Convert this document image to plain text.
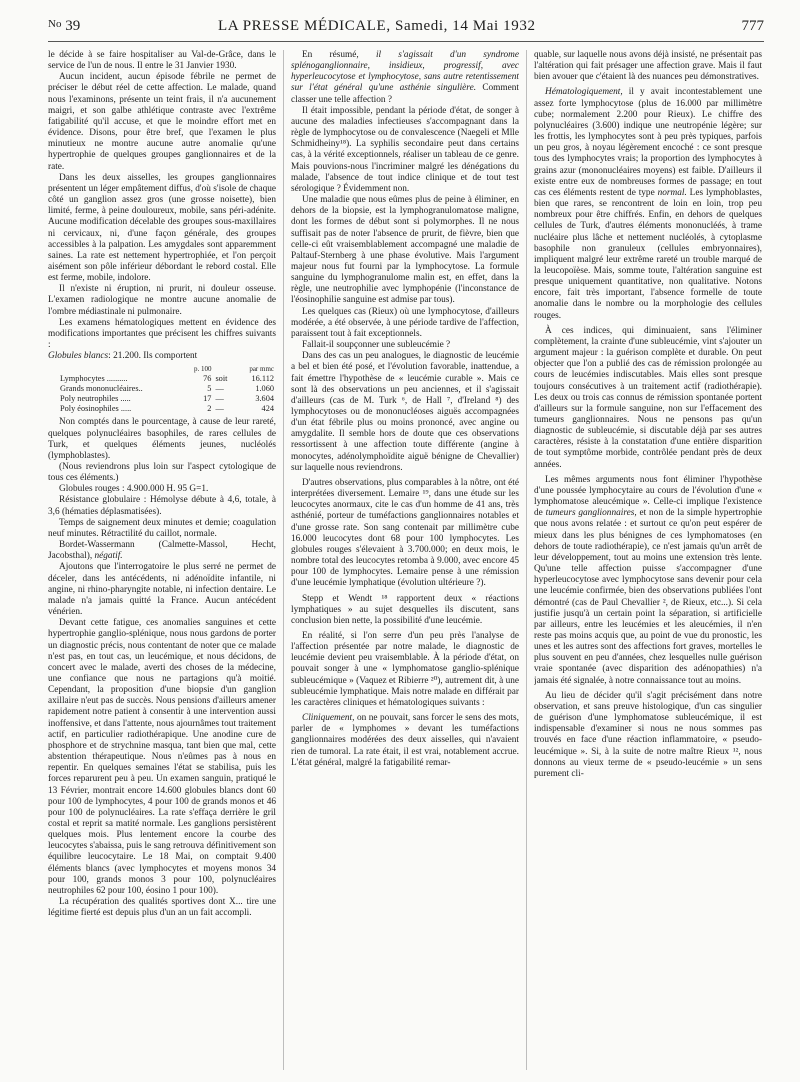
$^{No}$ 39	LA PRESSE MÉDICALE, Samedi, 14 Mai 1932	777

le décide à se faire hospitaliser au Val-de-Grâce, dans le service de l'un de nous. Il entre le 31 Janvier 1930.

Aucun incident, aucun épisode fébrile ne permet de préciser le début réel de cette affection. Le malade, quand nous l'examinons, présente un teint frais, il n'a aucunement maigri, et son galbe athlétique contraste avec l'extrême fatigabilité qu'il accuse, et que le moindre effort met en évidence. Disons, pour être bref, que l'examen le plus minutieux ne montre aucune autre anomalie qu'une hypertrophie de quelques groupes ganglionnaires et de la rate.

Dans les deux aisselles, les groupes ganglionnaires présentent un léger empâtement diffus, d'où s'isole de chaque côté un ganglion assez gros (une grosse noisette), bien limité, ferme, à peine douloureux, mobile, sans péri-adénite. Aucune modification décelable des groupes sous-maxillaires ni cervicaux, ni, d'une façon générale, des groupes accessibles à la palpation. Les amygdales sont apparemment saines. La rate est nettement hypertrophiée, et l'on perçoit aisément son pôle inférieur débordant le rebord costal. Elle est ferme, mobile, indolore.

Il n'existe ni éruption, ni prurit, ni douleur osseuse. L'examen radiologique ne montre aucune anomalie de l'ombre médiastinale ni pulmonaire.

Les examens hématologiques mettent en évidence des modifications importantes que précisent les chiffres suivants :

Globules blancs: 21.200. Ils comportent

	p. 100		par mmc
Lymphocytes ..........	76	soit	16.112
Grands mononucléaires..	5	—	1.060
Poly neutrophiles .....	17	—	3.604
Poly éosinophiles .....	2	—	424

Non comptés dans le pourcentage, à cause de leur rareté, quelques polynucléaires basophiles, de rares cellules de Turk, et quelques éléments jeunes, nucléolés (lymphoblastes).

(Nous reviendrons plus loin sur l'aspect cytologique de tous ces éléments.)

Globules rouges : 4.900.000 H. 95 G=1.

Résistance globulaire : Hémolyse débute à 4,6, totale, à 3,6 (hématies déplasmatisées).

Temps de saignement deux minutes et demie; coagulation neuf minutes. Rétractilité du caillot, normale.

Bordet-Wassermann (Calmette-Massol, Hecht, Jacobsthal), négatif.

Ajoutons que l'interrogatoire le plus serré ne permet de déceler, dans les antécédents, ni adénoïdite infantile, ni angine, ni rhino-pharyngite notable, ni infection dentaire. Le malade n'a jamais quitté la France. Aucun antécédent vénérien.

Devant cette fatigue, ces anomalies sanguines et cette hypertrophie ganglio-splénique, nous nous gardons de porter un diagnostic précis, nous contentant de noter que ce malade n'est pas, en tout cas, un leucémique, et nous décidons, de concert avec le malade, averti des choses de la médecine, une confiance que nous ne partagions qu'à moitié. Cependant, la proposition d'une biopsie d'un ganglion axillaire n'eut pas de succès. Nous pensions d'ailleurs amener rapidement notre patient à consentir à une intervention aussi inoffensive, et dans l'attente, nous ajournâmes tout traitement actif, en particulier radiothérapique. Une anodine cure de phosphore et de strychnine masqua, tant bien que mal, cette abstention thérapeutique. Nous n'eûmes pas à nous en repentir. En quelques semaines l'état se stabilisa, puis les forces reparurent peu à peu. Un examen sanguin, pratiqué le 13 Février, montrait encore 14.600 globules blancs dont 60 pour 100 de lymphocytes, 4 pour 100 de grands monos et 46 pour 100 de polynucléaires. La rate s'effaça derrière le gril costal et reprit sa matité normale. Les ganglions persistèrent quelques mois. Plus lentement encore la courbe des leucocytes s'abaissa, puis le sang retrouva définitivement son équilibre leucocytaire. Le 18 Mai, on comptait 9.400 éléments blancs (avec lymphocytes et moyens monos 34 pour 100, grands monos 3 pour 100, polynucléaires neutrophiles 62 pour 100, éosino 1 pour 100).

La récupération des qualités sportives dont X... tire une légitime fierté est depuis plus d'un an un fait accompli.

En résumé, il s'agissait d'un syndrome splénoganglionnaire, insidieux, progressif, avec hyperleucocytose et lymphocytose, sans autre retentissement sur l'état général qu'une asthénie singulière. Comment classer une telle affection ?

Il était impossible, pendant la période d'état, de songer à aucune des maladies infectieuses s'accompagnant dans la règle de lymphocytose ou de convalescence (Naegeli et Mlle Schmidheiny¹⁸). La syphilis secondaire peut dans certains cas, à la vérité exceptionnels, réaliser un tableau de ce genre. Mais pouvions-nous l'incriminer malgré les dénégations du malade, l'absence de tout indice clinique et de tout test sérologique ? Évidemment non.

Une maladie que nous eûmes plus de peine à éliminer, en dehors de la biopsie, est la lymphogranulomatose maligne, dont les formes de début sont si polymorphes. Il ne nous suffisait pas de noter l'absence de prurit, de fièvre, bien que celle-ci eût vraisemblablement accompagné une maladie de Paltauf-Sternberg à une phase évolutive. Mais l'argument majeur nous fut fourni par la lymphocytose. La formule sanguine du lymphogranulome malin est, en effet, dans la règle, une neutrophilie avec lymphopénie (l'inconstance de l'éosinophilie sanguine est admise par tous).

Les quelques cas (Rieux) où une lymphocytose, d'ailleurs modérée, a été observée, à une période tardive de l'affection, paraissent tout à fait exceptionnels.

Fallait-il soupçonner une subleucémie ?

Dans des cas un peu analogues, le diagnostic de leucémie a bel et bien été posé, et l'évolution favorable, inattendue, a fait émettre l'hypothèse de « leucémie curable ». Mais ce sont là des observations un peu anciennes, et il s'agissait d'ailleurs (cas de M. Turk ⁶, de Hall ⁷, d'Ireland ⁸) des lymphocytoses ou de mononucléoses aiguës accompagnées d'un état fébrile plus ou moins prononcé, avec angine ou amygdalite. Il semble hors de doute que ces observations ressortissent à une affection toute différente (angine à monocytes, adénolymphoïdite aiguë bénigne de Chevallier) sur laquelle nous reviendrons.

D'autres observations, plus comparables à la nôtre, ont été interprétées diversement. Lemaire ¹⁹, dans une étude sur les leucocytes anormaux, cite le cas d'un homme de 41 ans, très asthénié, porteur de tuméfactions ganglionnaires notables et d'une grosse rate. Son sang contenait par millimètre cube 16.000 leucocytes dont 68 pour 100 lymphocytes. Les globules rouges s'élevaient à 3.700.000; en deux mois, le nombre total des leucocytes retomba à 9.000, avec encore 45 pour 100 de lymphocytes. Lemaire pense à une rémission d'une leucémie lymphatique (évolution ultérieure ?).

Stepp et Wendt ¹⁸ rapportent deux « réactions lymphatiques » au sujet desquelles ils discutent, sans conclusion bien nette, la possibilité d'une leucémie.

En réalité, si l'on serre d'un peu près l'analyse de l'affection présentée par notre malade, le diagnostic de leucémie devient peu vraisemblable. À la période d'état, on pouvait songer à une « lymphomatose ganglio-splénique subleucémique » (Vaquez et Ribierre ²⁰), autrement dit, à une subleucémie lymphatique. Mais notre malade en différait par les caractères cliniques et hématologiques suivants :

Cliniquement, on ne pouvait, sans forcer le sens des mots, parler de « lymphomes » devant les tuméfactions ganglionnaires modérées des deux aisselles, qui n'avaient rien de tumoral. La rate était, il est vrai, notablement accrue. L'état général, malgré la fatigabilité remar-

quable, sur laquelle nous avons déjà insisté, ne présentait pas l'altération qui fait présager une affection grave. Mais il faut bien avouer que c'étaient là des nuances peu démonstratives.

Hématologiquement, il y avait incontestablement une assez forte lymphocytose (plus de 16.000 par millimètre cube; normalement 2.200 pour Rieux). Le chiffre des polynucléaires (3.600) indique une neutropénie légère; sur les frottis, les lymphocytes sont à peu près typiques, parfois un peu gros, à noyau légèrement encoché : ce sont presque tous des lymphocytes vrais; la proportion des lymphocytes à grains azur (mononucléaires moyens) est faible. D'ailleurs il existe entre eux de nombreuses formes de passage; en tout cas ces éléments restent de type normal. Les lymphoblastes, bien que rares, se rencontrent de loin en loin, trop peu nombreux pour être chiffrés. Enfin, en dehors de quelques cellules de Turk, d'autres éléments mononucléés, à trame nucléaire plus lâche et nettement nucléolés, à cytoplasme basophile non granuleux (cellules embryonnaires), impliquent malgré leur extrême rareté un trouble marqué de la leucopoïèse. Mais, somme toute, l'altération sanguine est presque uniquement quantitative, non qualitative. Notons encore, fait très important, l'absence formelle de toute anomalie dans le nombre ou la morphologie des cellules rouges.

À ces indices, qui diminuaient, sans l'éliminer complètement, la crainte d'une subleucémie, vint s'ajouter un argument majeur : la guérison complète et durable. On peut objecter que l'on a publié des cas de rémission prolongée au cours de leucémies indiscutables. Mais elles sont presque toujours consécutives à un traitement actif (radiothérapie). Les deux ou trois cas connus de rémission spontanée portent d'ailleurs sur la formule sanguine, non sur l'effacement des tumeurs ganglionnaires. Nous ne pensons pas qu'un diagnostic de subleucémie, si discutable déjà par ses autres caractères, résiste à la constatation d'une entière disparition de tout symptôme morbide, contrôlée pendant près de deux années.

Les mêmes arguments nous font éliminer l'hypothèse d'une poussée lymphocytaire au cours de l'évolution d'une « lymphomatose aleucémique ». Celle-ci implique l'existence de tumeurs ganglionnaires, et non de la simple hypertrophie que nous avons relatée : et surtout ce qu'on peut espérer de mieux dans les plus bénignes de ces lymphomatoses (en dehors de toute radiothérapie), ce n'est jamais qu'un arrêt de leur développement, tout au moins une extension très lente. Qu'une telle affection puisse s'accompagner d'une hyperleucocytose avec lymphocytose sans devenir pour cela une leucémie confirmée, bien des observations publiées l'ont démontré (cas de Paul Chevallier ², de Rieux, etc...). Si cela justifie jusqu'à un certain point la séparation, si artificielle par ailleurs, entre les leucémies et les aleucémies, il n'en reste pas moins acquis que, au point de vue du pronostic, les unes et les autres sont des affections fort graves, mortelles le plus souvent en peu d'années, chez lesquelles nulle guérison vraie spontanée (avec disparition des adénopathies) n'a jamais été signalée, à notre connaissance tout au moins.

Au lieu de décider qu'il s'agit précisément dans notre observation, et sans preuve histologique, d'un cas singulier de guérison d'une lymphomatose subleucémique, il est indispensable d'examiner si nous ne nous sommes pas trouvés en face d'une réaction inflammatoire, « pseudo-leucémique ». Si, à la suite de notre maître Rieux ¹², nous donnons au vieux terme de « pseudo-leucémie » un sens purement cli-
